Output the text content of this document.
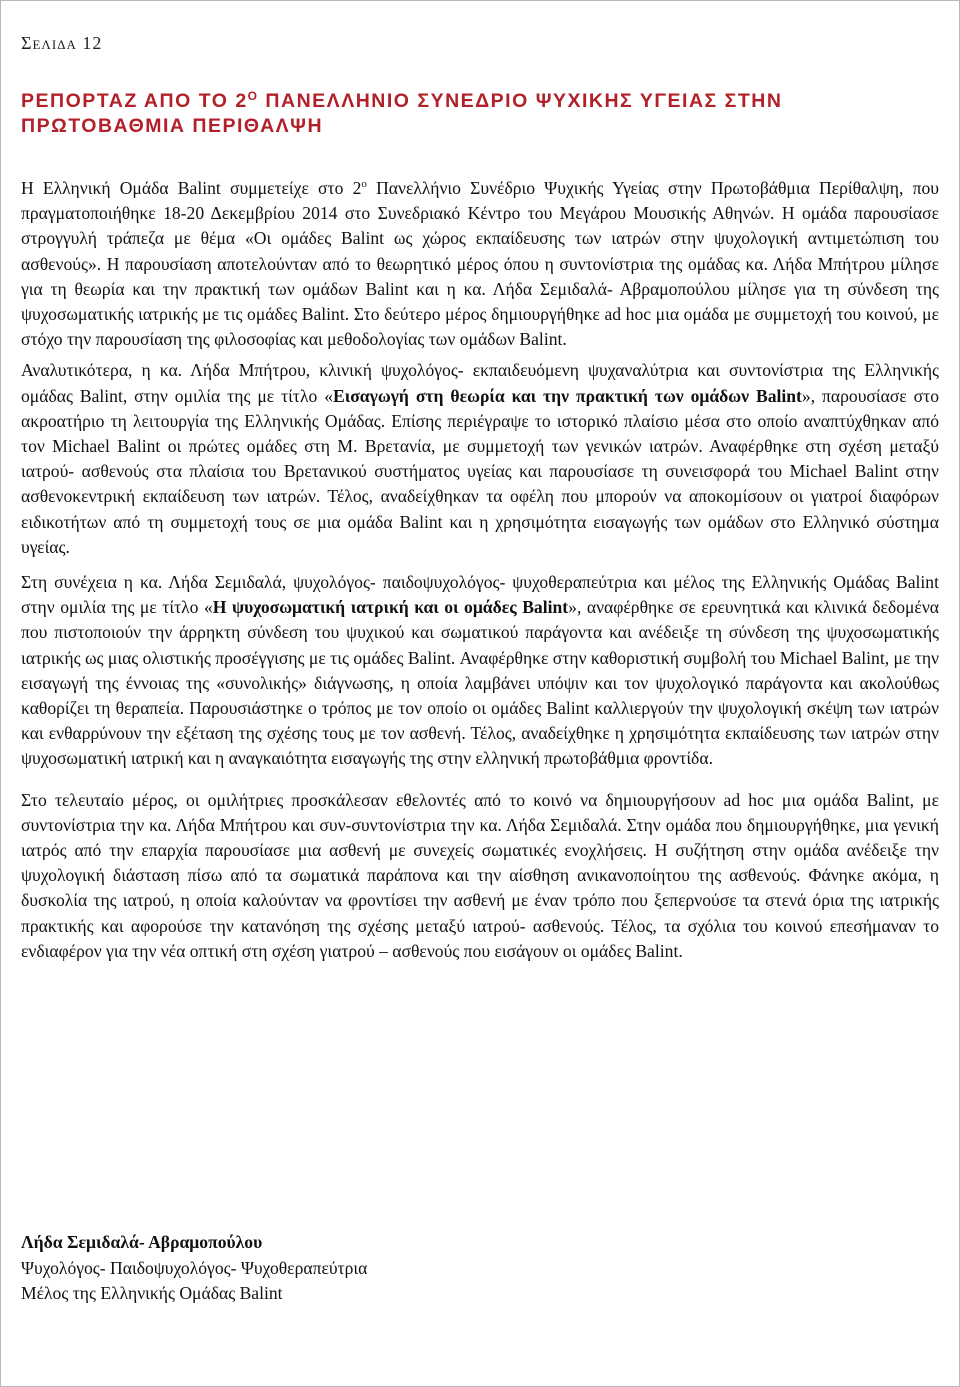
Σελιδα 12
ΡΕΠΟΡΤΑΖ ΑΠΟ ΤΟ $2^O$ ΠΑΝΕΛΛΗΝΙΟ ΣΥΝΕΔΡΙΟ ΨΥΧΙΚΗΣ ΥΓΕΙΑΣ ΣΤΗΝ ΠΡΩΤΟΒΑΘΜΙΑ ΠΕΡΙΘΑΛΨΗ

Η Ελληνική Ομάδα Balint συμμετείχε στο $2^o$ Πανελλήνιο Συνέδριο Ψυχικής Υγείας στην Πρωτοβάθμια Περίθαλψη, που πραγματοποιήθηκε 18-20 Δεκεμβρίου 2014 στο Συνεδριακό Κέντρο του Μεγάρου Μουσικής Αθηνών. Η ομάδα παρουσίασε στρογγυλή τράπεζα με θέμα «Οι ομάδες Balint ως χώρος εκπαίδευσης των ιατρών στην ψυχολογική αντιμετώπιση του ασθενούς». Η παρουσίαση αποτελούνταν από το θεωρητικό μέρος όπου η συντονίστρια της ομάδας κα. Λήδα Μπήτρου μίλησε για τη θεωρία και την πρακτική των ομάδων Balint και η κα. Λήδα Σεμιδαλά- Αβραμοπούλου μίλησε για τη σύνδεση της ψυχοσωματικής ιατρικής με τις ομάδες Balint. Στο δεύτερο μέρος δημιουργήθηκε ad hoc μια ομάδα με συμμετοχή του κοινού, με στόχο την παρουσίαση της φιλοσοφίας και μεθοδολογίας των ομάδων Balint.

Αναλυτικότερα, η κα. Λήδα Μπήτρου, κλινική ψυχολόγος- εκπαιδευόμενη ψυχαναλύτρια και συντονίστρια της Ελληνικής ομάδας Balint, στην ομιλία της με τίτλο «Εισαγωγή στη θεωρία και την πρακτική των ομάδων Balint», παρουσίασε στο ακροατήριο τη λειτουργία της Ελληνικής Ομάδας. Επίσης περιέγραψε το ιστορικό πλαίσιο μέσα στο οποίο αναπτύχθηκαν από τον Michael Balint οι πρώτες ομάδες στη Μ. Βρετανία, με συμμετοχή των γενικών ιατρών. Αναφέρθηκε στη σχέση μεταξύ ιατρού- ασθενούς στα πλαίσια του Βρετανικού συστήματος υγείας και παρουσίασε τη συνεισφορά του Michael Balint στην ασθενοκεντρική εκπαίδευση των ιατρών. Τέλος, αναδείχθηκαν τα οφέλη που μπορούν να αποκομίσουν οι γιατροί διαφόρων ειδικοτήτων από τη συμμετοχή τους σε μια ομάδα Balint και η χρησιμότητα εισαγωγής των ομάδων στο Ελληνικό σύστημα υγείας.

Στη συνέχεια η κα. Λήδα Σεμιδαλά, ψυχολόγος- παιδοψυχολόγος- ψυχοθεραπεύτρια και μέλος της Ελληνικής Ομάδας Balint στην ομιλία της με τίτλο «Η ψυχοσωματική ιατρική και οι ομάδες Balint», αναφέρθηκε σε ερευνητικά και κλινικά δεδομένα που πιστοποιούν την άρρηκτη σύνδεση του ψυχικού και σωματικού παράγοντα και ανέδειξε τη σύνδεση της ψυχοσωματικής ιατρικής ως μιας ολιστικής προσέγγισης με τις ομάδες Balint. Αναφέρθηκε στην καθοριστική συμβολή του Michael Balint, με την εισαγωγή της έννοιας της «συνολικής» διάγνωσης, η οποία λαμβάνει υπόψιν και τον ψυχολογικό παράγοντα και ακολούθως καθορίζει τη θεραπεία. Παρουσιάστηκε ο τρόπος με τον οποίο οι ομάδες Balint καλλιεργούν την ψυχολογική σκέψη των ιατρών και ενθαρρύνουν την εξέταση της σχέσης τους με τον ασθενή. Τέλος, αναδείχθηκε η χρησιμότητα εκπαίδευσης των ιατρών στην ψυχοσωματική ιατρική και η αναγκαιότητα εισαγωγής της στην ελληνική πρωτοβάθμια φροντίδα.

Στο τελευταίο μέρος, οι ομιλήτριες προσκάλεσαν εθελοντές από το κοινό να δημιουργήσουν ad hoc μια ομάδα Balint, με συντονίστρια την κα. Λήδα Μπήτρου και συν-συντονίστρια την κα. Λήδα Σεμιδαλά. Στην ομάδα που δημιουργήθηκε, μια γενική ιατρός από την επαρχία παρουσίασε μια ασθενή με συνεχείς σωματικές ενοχλήσεις. Η συζήτηση στην ομάδα ανέδειξε την ψυχολογική διάσταση πίσω από τα σωματικά παράπονα και την αίσθηση ανικανοποίητου της ασθενούς. Φάνηκε ακόμα, η δυσκολία της ιατρού, η οποία καλούνταν να φροντίσει την ασθενή με έναν τρόπο που ξεπερνούσε τα στενά όρια της ιατρικής πρακτικής και αφορούσε την κατανόηση της σχέσης μεταξύ ιατρού- ασθενούς. Τέλος, τα σχόλια του κοινού επεσήμαναν το ενδιαφέρον για την νέα οπτική στη σχέση γιατρού – ασθενούς που εισάγουν οι ομάδες Balint.

Λήδα Σεμιδαλά- Αβραμοπούλου
Ψυχολόγος- Παιδοψυχολόγος- Ψυχοθεραπεύτρια
Μέλος της Ελληνικής Ομάδας Balint
